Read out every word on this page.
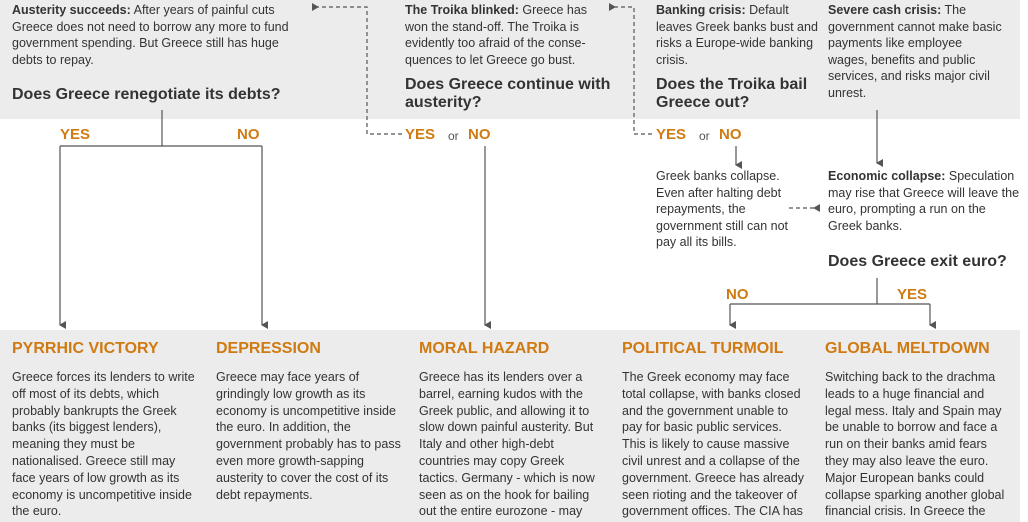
Austerity succeeds: After years of painful cuts
Greece does not need to borrow any more to fund
government spending. But Greece still has huge
debts to repay.
Does Greece renegotiate its debts?
The Troika blinked: Greece has
won the stand-off. The Troika is
evidently too afraid of the conse-
quences to let Greece go bust.
Does Greece continue with
austerity?
Banking crisis: Default
leaves Greek banks bust and
risks a Europe-wide banking
crisis.
Does the Troika bail
Greece out?
Severe cash crisis: The
government cannot make basic
payments like employee
wages, benefits and public
services, and risks major civil
unrest.
YES	NO	YES or NO	YES or NO
Greek banks collapse.
Even after halting debt
repayments, the
government still can not
pay all its bills.
Economic collapse: Speculation
may rise that Greece will leave the
euro, prompting a run on the
Greek banks.
Does Greece exit euro?
NO	YES
PYRRHIC VICTORY
Greece forces its lenders to write
off most of its debts, which
probably bankrupts the Greek
banks (its biggest lenders),
meaning they must be
nationalised. Greece still may
face years of low growth as its
economy is uncompetitive inside
the euro.
DEPRESSION
Greece may face years of
grindingly low growth as its
economy is uncompetitive inside
the euro. In addition, the
government probably has to pass
even more growth-sapping
austerity to cover the cost of its
debt repayments.
MORAL HAZARD
Greece has its lenders over a
barrel, earning kudos with the
Greek public, and allowing it to
slow down painful austerity. But
Italy and other high-debt
countries may copy Greek
tactics. Germany - which is now
seen as on the hook for bailing
out the entire eurozone - may
POLITICAL TURMOIL
The Greek economy may face
total collapse, with banks closed
and the government unable to
pay for basic public services.
This is likely to cause massive
civil unrest and a collapse of the
government. Greece has already
seen rioting and the takeover of
government offices. The CIA has
GLOBAL MELTDOWN
Switching back to the drachma
leads to a huge financial and
legal mess. Italy and Spain may
be unable to borrow and face a
run on their banks amid fears
they may also leave the euro.
Major European banks could
collapse sparking another global
financial crisis. In Greece the
